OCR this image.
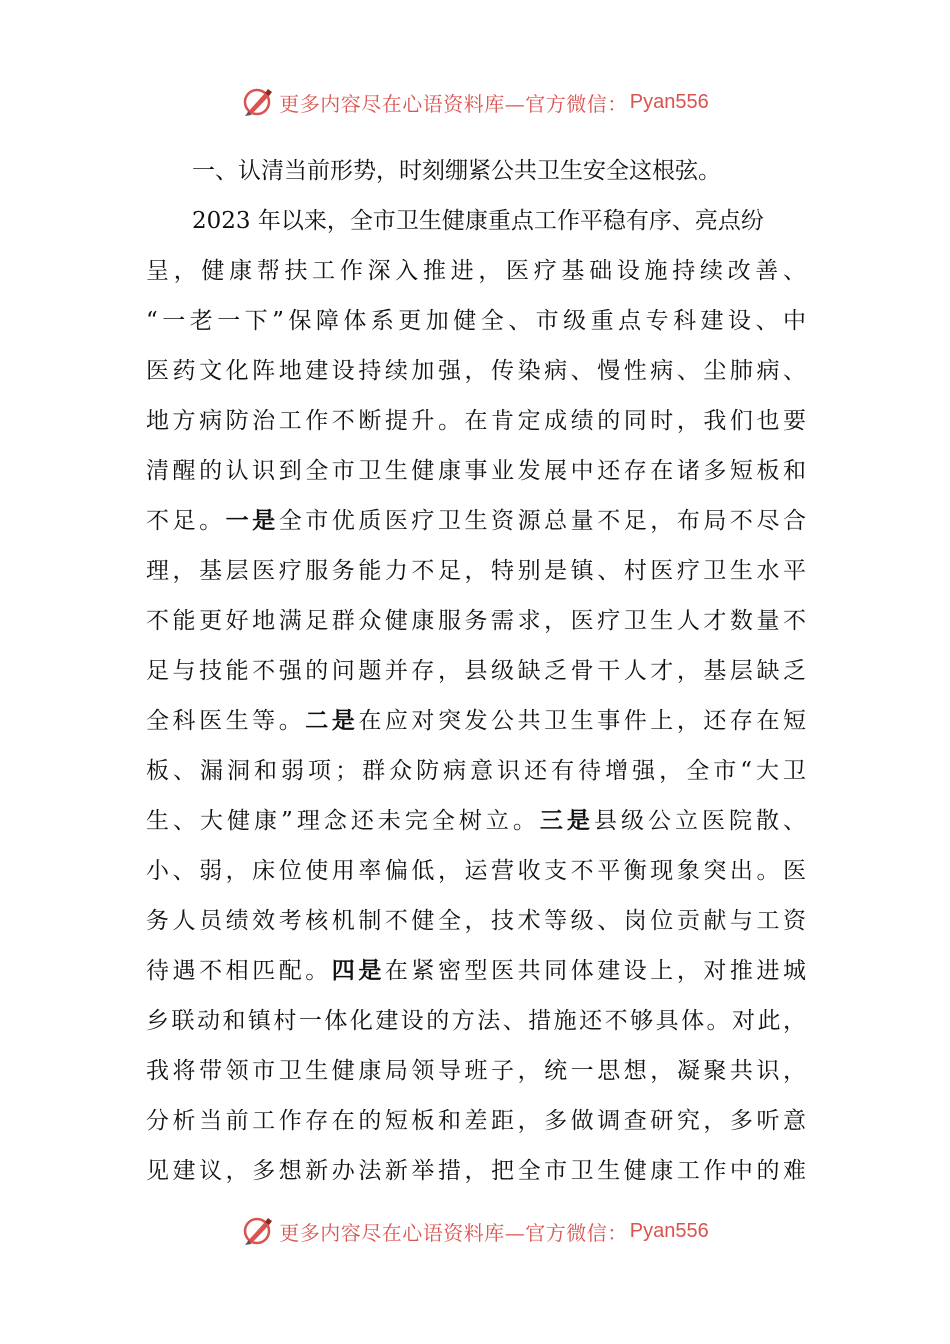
更多内容尽在心语资料库—官方微信： Pyan556
一、认清当前形势，时刻绷紧公共卫生安全这根弦。
2023 年以来，全市卫生健康重点工作平稳有序、亮点纷
呈，健康帮扶工作深入推进，医疗基础设施持续改善、
“一老一下”保障体系更加健全、市级重点专科建设、中
医药文化阵地建设持续加强，传染病、慢性病、尘肺病、
地方病防治工作不断提升。在肯定成绩的同时，我们也要
清醒的认识到全市卫生健康事业发展中还存在诸多短板和
不足。一是全市优质医疗卫生资源总量不足，布局不尽合
理，基层医疗服务能力不足，特别是镇、村医疗卫生水平
不能更好地满足群众健康服务需求，医疗卫生人才数量不
足与技能不强的问题并存，县级缺乏骨干人才，基层缺乏
全科医生等。二是在应对突发公共卫生事件上，还存在短
板、漏洞和弱项；群众防病意识还有待增强，全市“大卫
生、大健康”理念还未完全树立。三是县级公立医院散、
小、弱，床位使用率偏低，运营收支不平衡现象突出。医
务人员绩效考核机制不健全，技术等级、岗位贡献与工资
待遇不相匹配。四是在紧密型医共同体建设上，对推进城
乡联动和镇村一体化建设的方法、措施还不够具体。对此，
我将带领市卫生健康局领导班子，统一思想，凝聚共识，
分析当前工作存在的短板和差距，多做调查研究，多听意
见建议，多想新办法新举措，把全市卫生健康工作中的难
更多内容尽在心语资料库—官方微信： Pyan556
